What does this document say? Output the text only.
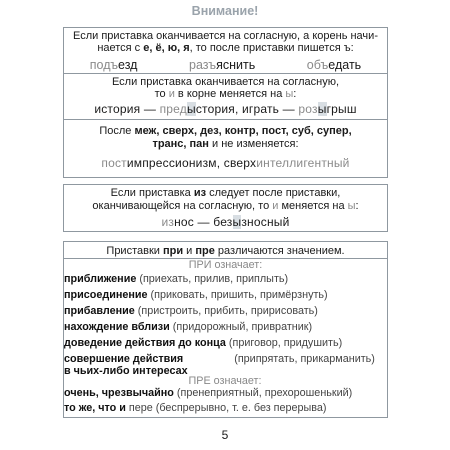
Внимание!
Если приставка оканчивается на согласную, а корень начи-
нается с е, ё, ю, я, то после приставки пишется ъ:
подъезд	разъяснить	объедать
Если приставка оканчивается на согласную,
то и в корне меняется на ы:
история — предыстория, играть — розыгрыш
После меж, сверх, дез, контр, пост, суб, супер,
транс, пан и не изменяется:
постимпрессионизм, сверхинтеллигентный
Если приставка из следует после приставки,
оканчивающейся на согласную, то и меняется на ы:
износ — безызносный
Приставки при и пре различаются значением.
ПРИ означает:
приближение (приехать, прилив, приплыть)
присоединение (приковать, пришить, примёрзнуть)
прибавление (пристроить, прибить, пририсовать)
нахождение вблизи (придорожный, привратник)
доведение действия до конца (приговор, придушить)
совершение действия	(припрятать, прикарманить)
в чьих-либо интересах
ПРЕ означает:
очень, чрезвычайно (пренеприятный, прехорошенький)
то же, что и пере (беспрерывно, т. е. без перерыва)
5
